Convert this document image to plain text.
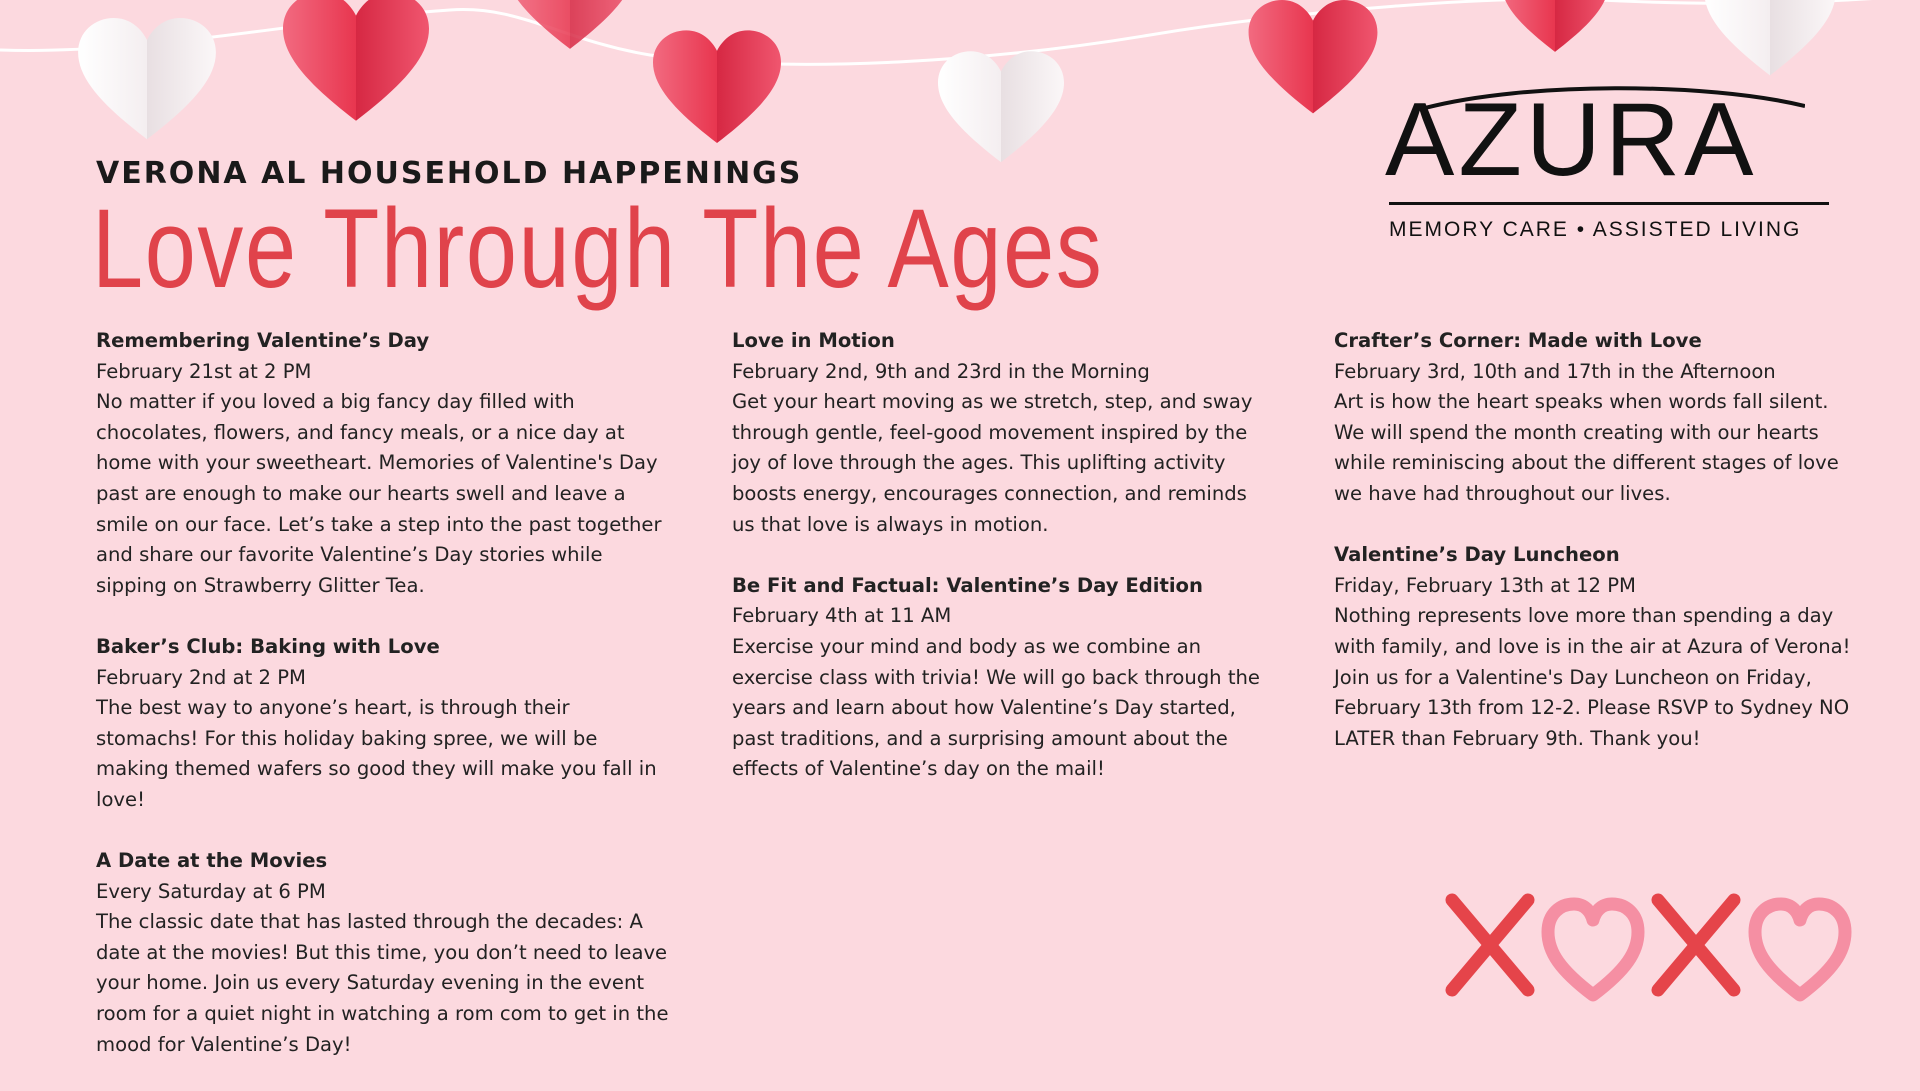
VERONA AL HOUSEHOLD HAPPENINGS
Love Through The Ages
AZURA
MEMORY CARE • ASSISTED LIVING
Remembering Valentine’s Day
February 21st at 2 PM
No matter if you loved a big fancy day filled with chocolates, flowers, and fancy meals, or a nice day at home with your sweetheart. Memories of Valentine's Day past are enough to make our hearts swell and leave a smile on our face. Let’s take a step into the past together and share our favorite Valentine’s Day stories while sipping on Strawberry Glitter Tea.
Baker’s Club: Baking with Love
February 2nd at 2 PM
The best way to anyone’s heart, is through their stomachs! For this holiday baking spree, we will be making themed wafers so good they will make you fall in love!
A Date at the Movies
Every Saturday at 6 PM
The classic date that has lasted through the decades: A date at the movies! But this time, you don’t need to leave your home. Join us every Saturday evening in the event room for a quiet night in watching a rom com to get in the mood for Valentine’s Day!
Love in Motion
February 2nd, 9th and 23rd in the Morning
Get your heart moving as we stretch, step, and sway through gentle, feel-good movement inspired by the joy of love through the ages. This uplifting activity boosts energy, encourages connection, and reminds us that love is always in motion.
Be Fit and Factual: Valentine’s Day Edition
February 4th at 11 AM
Exercise your mind and body as we combine an exercise class with trivia! We will go back through the years and learn about how Valentine’s Day started, past traditions, and a surprising amount about the effects of Valentine’s day on the mail!
Crafter’s Corner: Made with Love
February 3rd, 10th and 17th in the Afternoon
Art is how the heart speaks when words fall silent. We will spend the month creating with our hearts while reminiscing about the different stages of love we have had throughout our lives.
Valentine’s Day Luncheon
Friday, February 13th at 12 PM
Nothing represents love more than spending a day with family, and love is in the air at Azura of Verona! Join us for a Valentine's Day Luncheon on Friday, February 13th from 12-2. Please RSVP to Sydney NO LATER than February 9th. Thank you!
